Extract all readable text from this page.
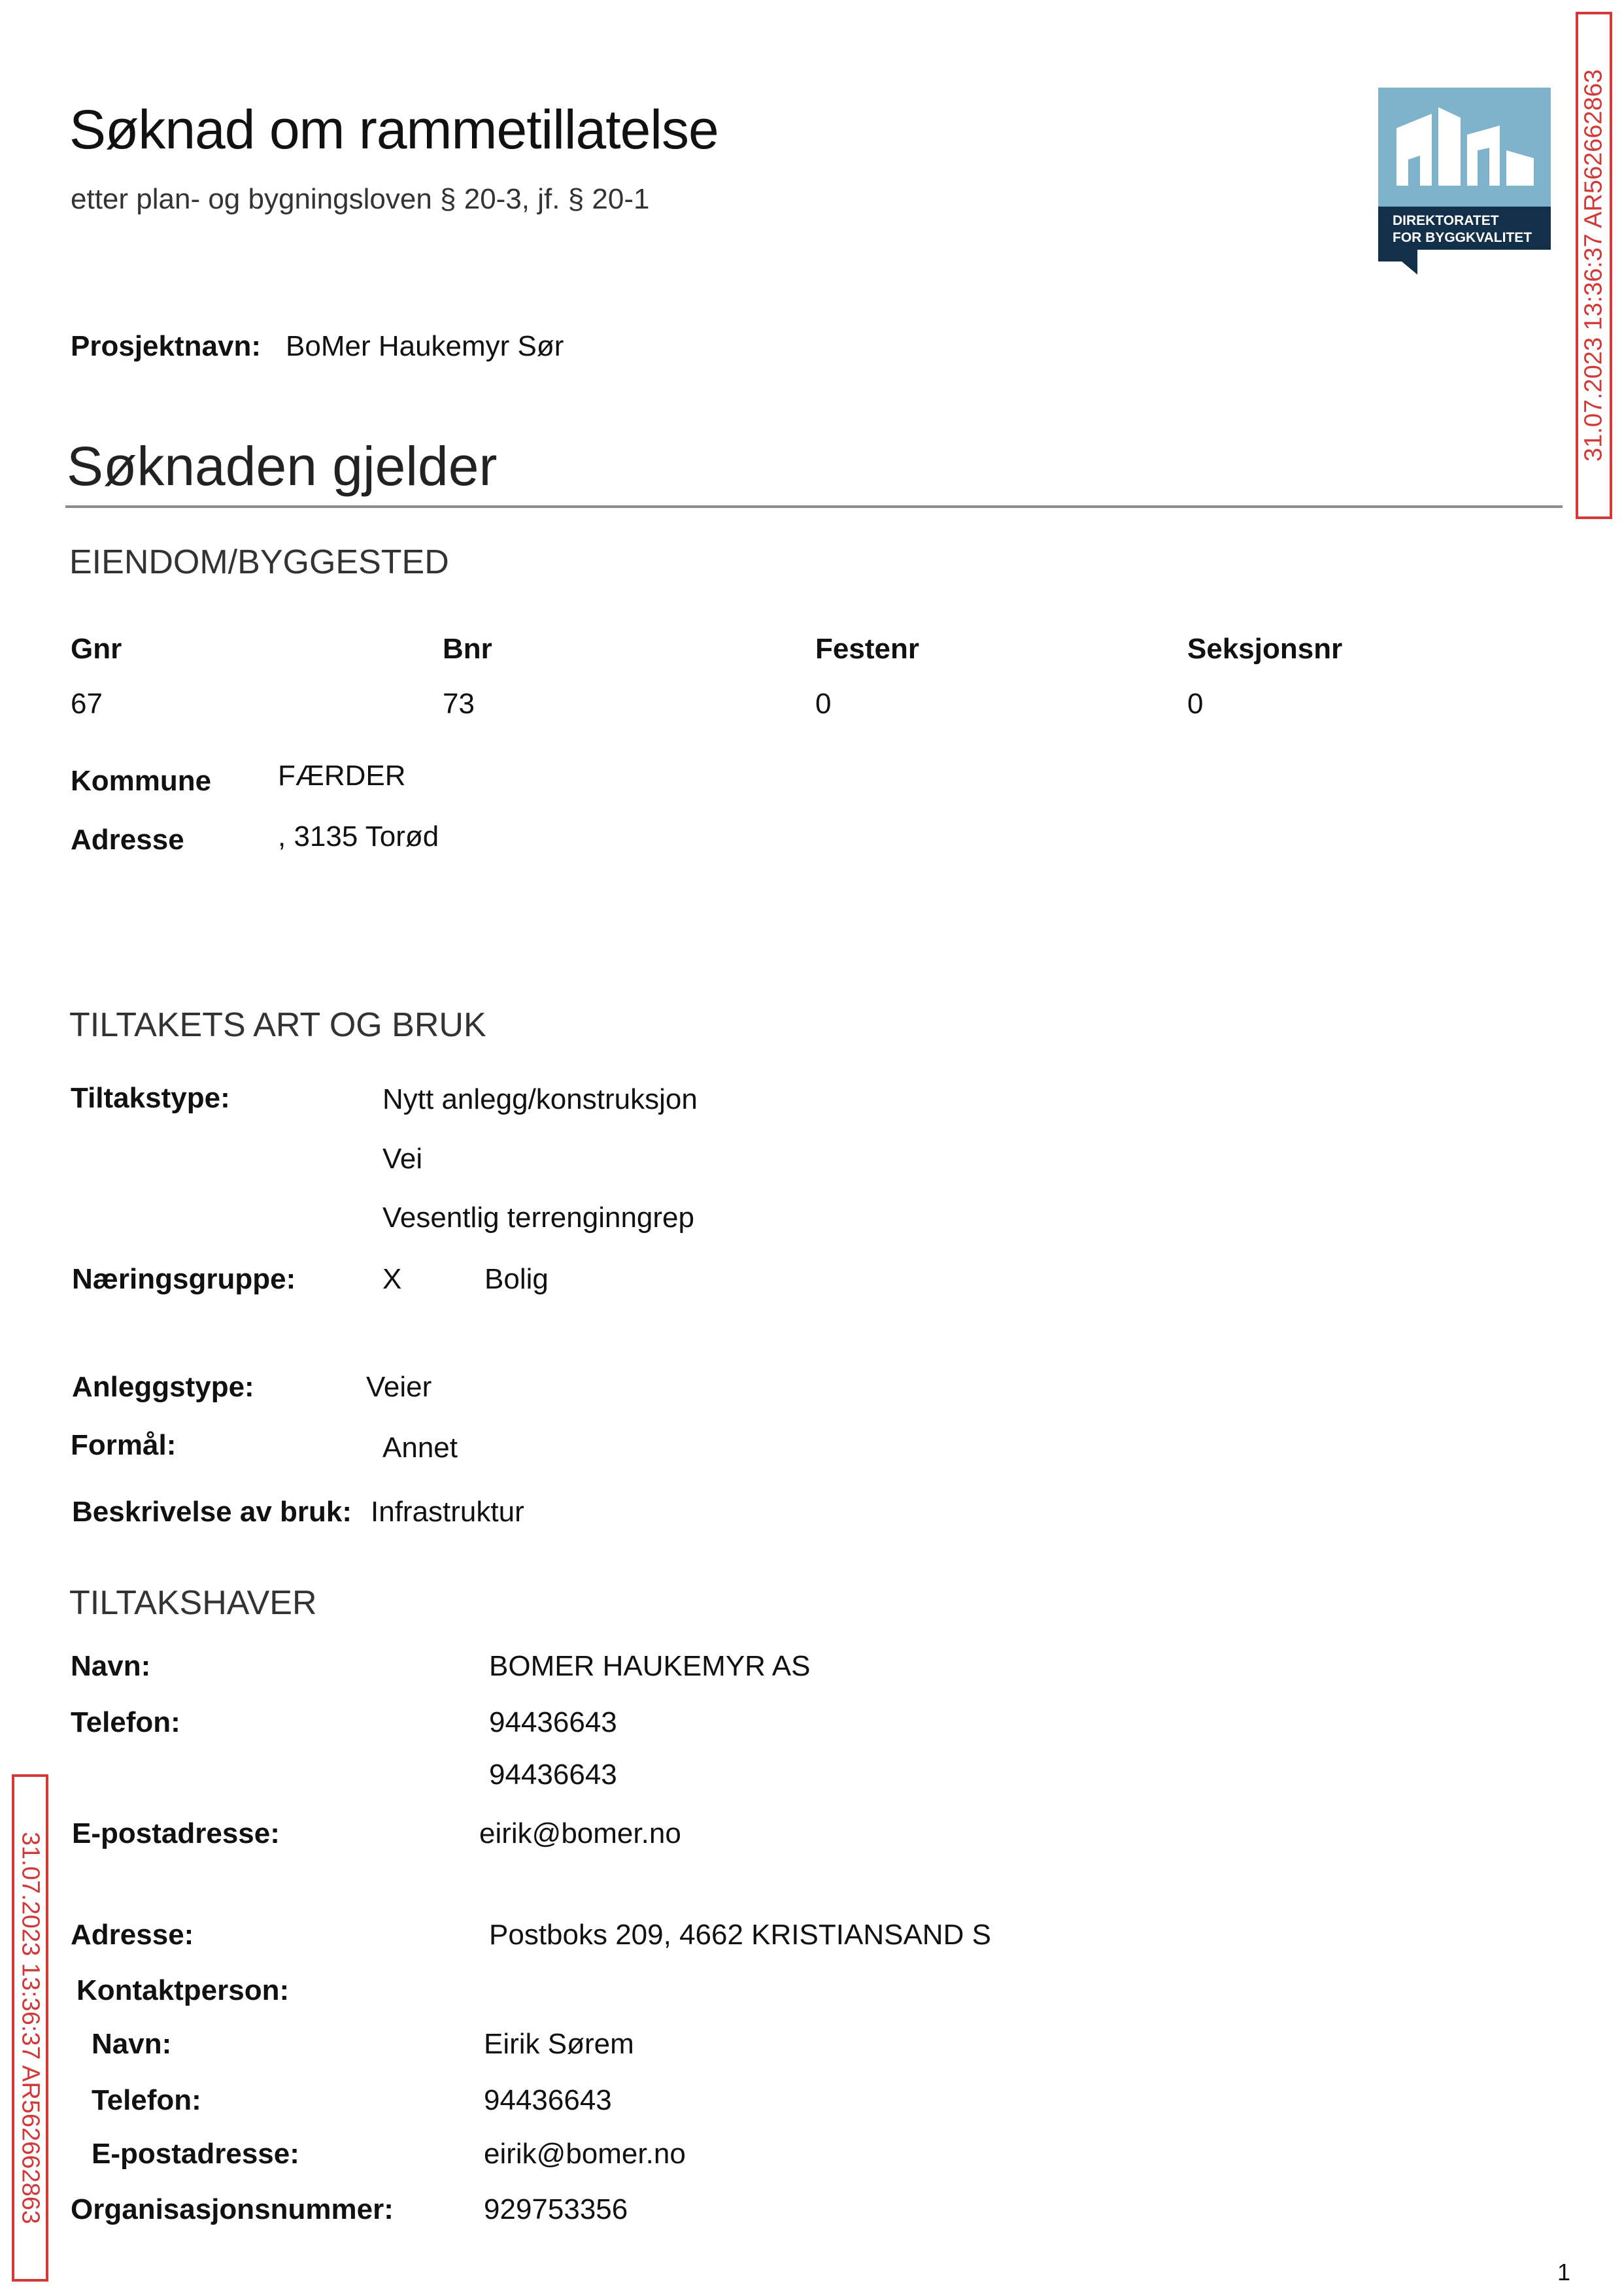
Søknad om rammetillatelse
etter plan- og bygningsloven § 20-3, jf. § 20-1
DIREKTORATET
FOR BYGGKVALITET
Prosjektnavn: BoMer Haukemyr Sør
Søknaden gjelder
EIENDOM/BYGGESTED
Gnr	Bnr	Festenr	Seksjonsnr
67	73	0	0
Kommune FÆRDER
Adresse	, 3135 Torød
TILTAKETS ART OG BRUK
Tiltakstype:	Nytt anlegg/konstruksjon
Vei
Vesentlig terrenginngrep
Næringsgruppe:	X	Bolig
Anleggstype:	Veier
Formål:	Annet
Beskrivelse av bruk: Infrastruktur
TILTAKSHAVER
Navn:	BOMER HAUKEMYR AS
Telefon:	94436643
94436643
E-postadresse:	eirik@bomer.no
Adresse:	Postboks 209, 4662 KRISTIANSAND S
Kontaktperson:
Navn:	Eirik Sørem
Telefon:	94436643
E-postadresse:	eirik@bomer.no
Organisasjonsnummer:	929753356
31.07.2023 13:36:37 AR562662863
31.07.2023 13:36:37 AR562662863
1
